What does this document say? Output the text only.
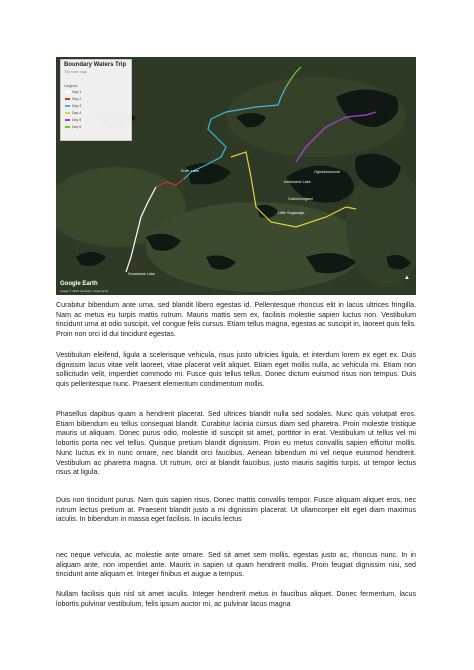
Boundary Waters Trip
Trip route map
Legend
Day 1
Day 2
Day 3
Day 4
Day 5
Day 6
Knife Lake	Ogishkemuncie
Kekekabic Lake
Gabimichigami
Little Saganaga
Snowbank Lake
Google Earth
Image © 2019 Landsat / Copernicus
▲

Curabitur bibendum ante urna, sed blandit libero egestas id. Pellentesque rhoncus elit in lacus ultrices fringilla. Nam ac metus eu turpis mattis rutrum. Mauris mattis sem ex, facilisis molestie sapien luctus non. Vestibulum tincidunt urna at odio suscipit, vel congue felis cursus. Etiam tellus magna, egestas ac suscipit in, laoreet quis felis. Proin non orci id dui tincidunt egestas.

Vestibulum eleifend, ligula a scelerisque vehicula, risus justo ultricies ligula, et interdum lorem ex eget ex. Duis dignissim lacus vitae velit laoreet, vitae placerat velit aliquet. Etiam eget mollis nulla, ac vehicula mi. Etiam non sollicitudin velit, imperdiet commodo mi. Fusce quis tellus tellus. Donec dictum euismod risus non tempus. Duis quis pellentesque nunc. Praesent elementum condimentum mollis.

Phasellus dapibus quam a hendrerit placerat. Sed ultrices blandit nulla sed sodales. Nunc quis volutpat eros. Etiam bibendum eu tellus consequat blandit. Curabitur lacinia cursus diam sed pharetra. Proin molestie tristique mauris ut aliquam. Donec purus odio, molestie id suscipit sit amet, porttitor in erat. Vestibulum ut tellus vel mi lobortis porta nec vel tellus. Quisque pretium blandit dignissim. Proin eu metus convallis sapien efficitur mollis. Nunc luctus ex in nunc ornare, nec blandit orci faucibus. Aenean bibendum mi vel neque euismod hendrerit. Vestibulum ac pharetra magna. Ut rutrum, orci at blandit faucibus, justo mauris sagittis turpis, ut tempor lectus risus at ligula.

Duis non tincidunt purus. Nam quis sapien risus. Donec mattis convallis tempor. Fusce aliquam aliquet eros, nec rutrum lectus pretium at. Praesent blandit justo a mi dignissim placerat. Ut ullamcorper elit eget diam maximus iaculis. In bibendum in massa eget facilisis. In iaculis lectus

nec neque vehicula, ac molestie ante ornare. Sed sit amet sem mollis, egestas justo ac, rhoncus nunc. In in aliquam ante, non imperdiet ante. Mauris in sapien ut quam hendrerit mollis. Proin feugiat dignissim nisi, sed tincidunt ante aliquam et. Integer finibus et augue a tempus.

Nullam facilisis quis nisl sit amet iaculis. Integer hendrerit metus in faucibus aliquet. Donec fermentum, lacus lobortis pulvinar vestibulum, felis ipsum auctor mi, ac pulvinar lacus magna
